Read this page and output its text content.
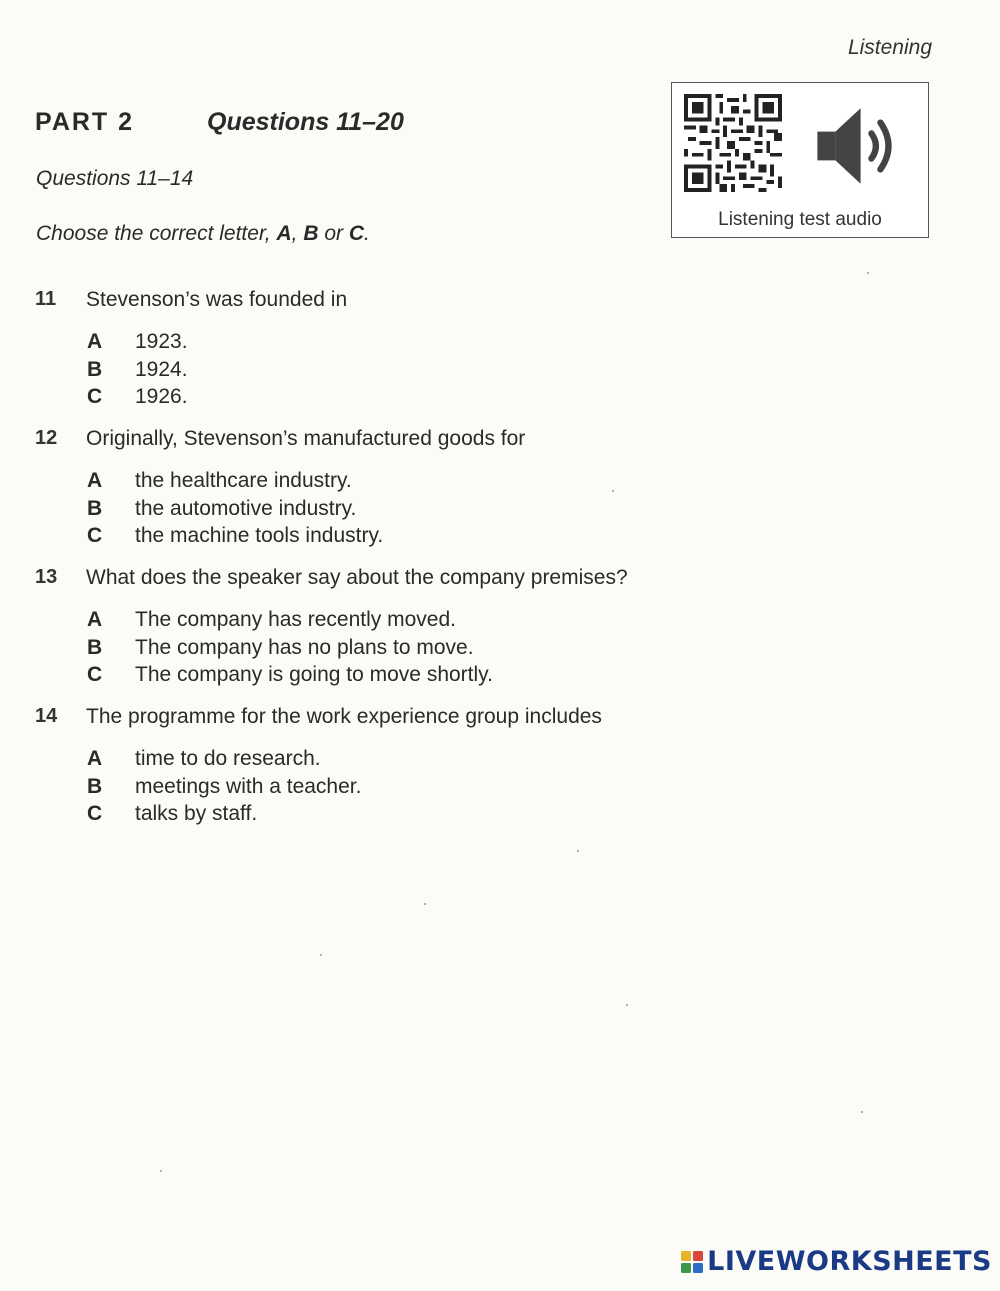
Listening
PART 2	Questions 11–20
Questions 11–14
Choose the correct letter, A, B or C.
Listening test audio
11 Stevenson’s was founded in
A	1923.
B	1924.
C	1926.
12 Originally, Stevenson’s manufactured goods for
A	the healthcare industry.
B	the automotive industry.
C	the machine tools industry.
13 What does the speaker say about the company premises?
A	The company has recently moved.
B	The company has no plans to move.
C	The company is going to move shortly.
14 The programme for the work experience group includes
A	time to do research.
B	meetings with a teacher.
C	talks by staff.
LIVEWORKSHEETS
